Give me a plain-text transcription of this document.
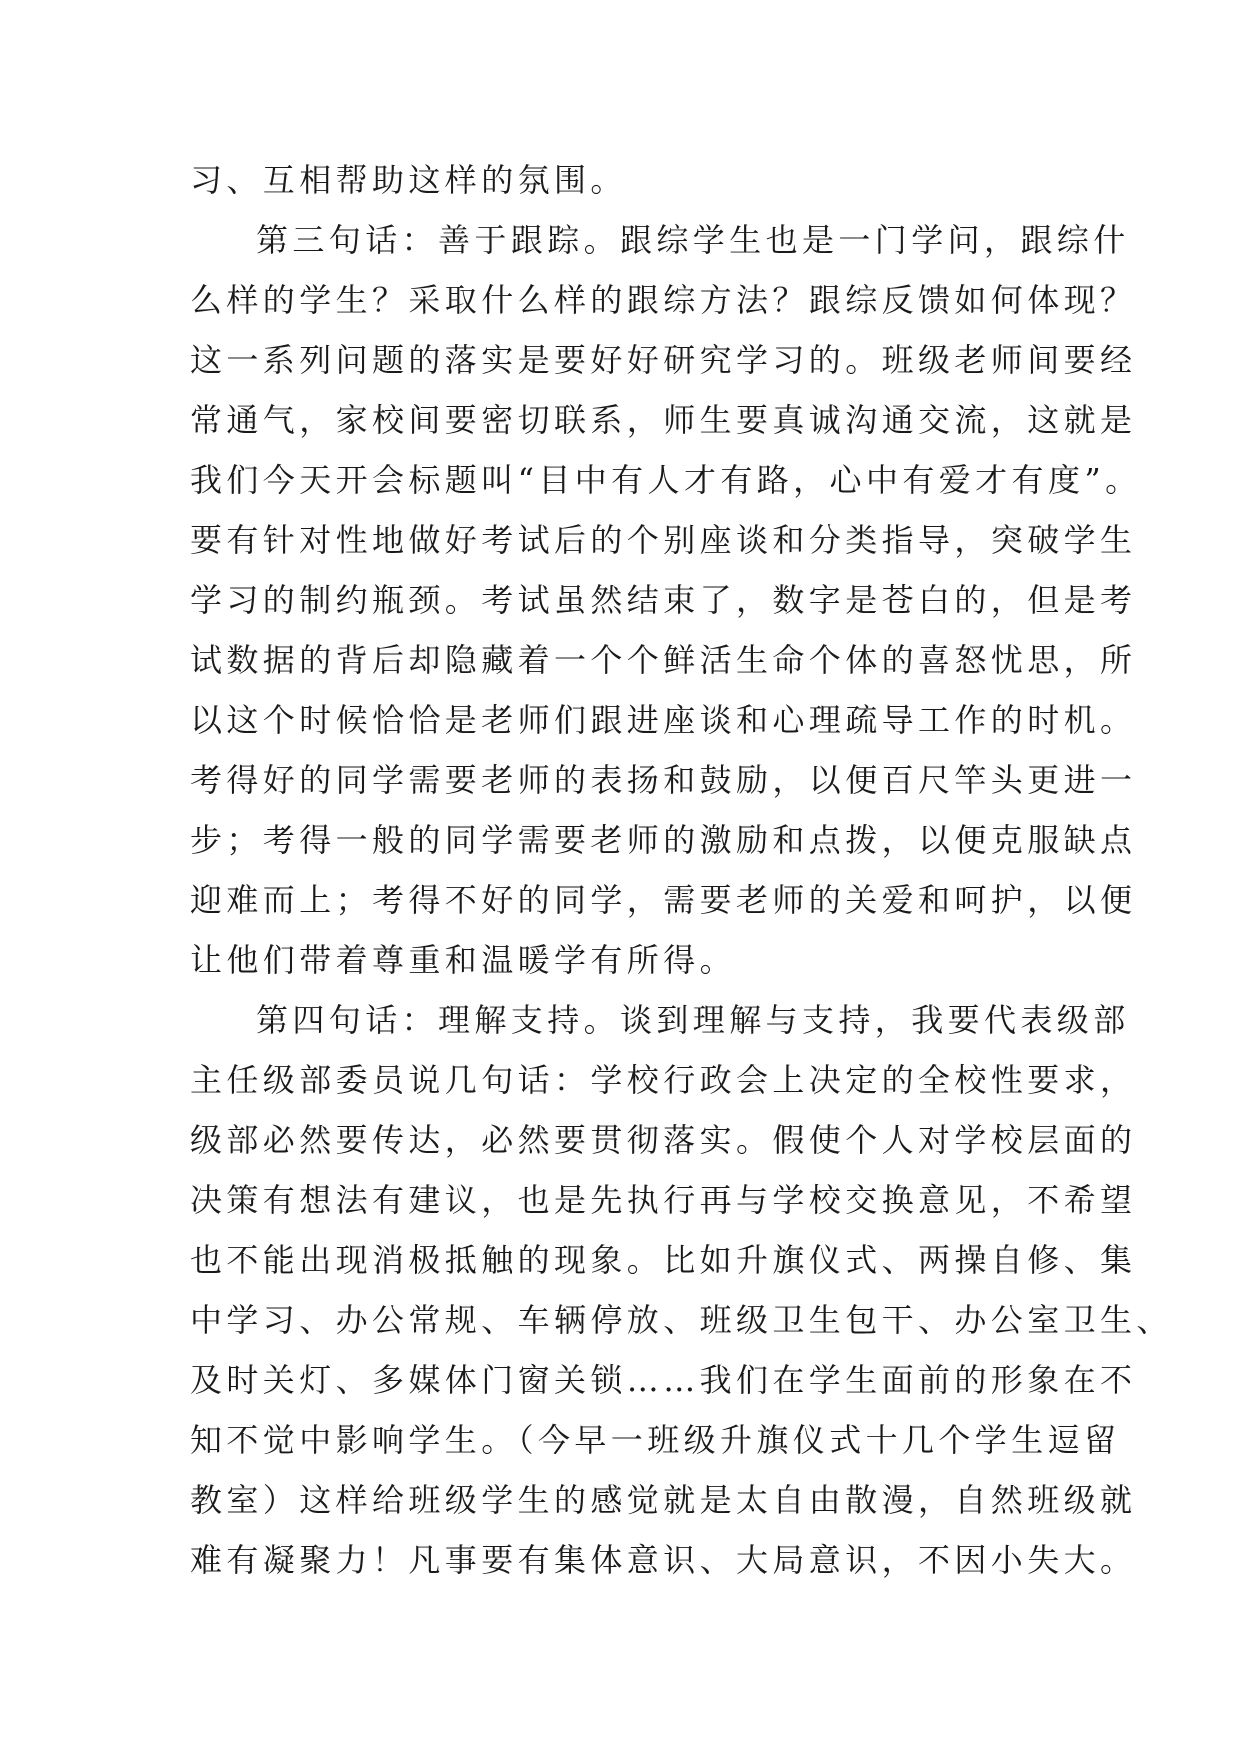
习、互相帮助这样的氛围。
第三句话：善于跟踪。跟综学生也是一门学问，跟综什
么样的学生？采取什么样的跟综方法？跟综反馈如何体现？
这一系列问题的落实是要好好研究学习的。班级老师间要经
常通气，家校间要密切联系，师生要真诚沟通交流，这就是
我们今天开会标题叫“目中有人才有路，心中有爱才有度”。
要有针对性地做好考试后的个别座谈和分类指导，突破学生
学习的制约瓶颈。考试虽然结束了，数字是苍白的，但是考
试数据的背后却隐藏着一个个鲜活生命个体的喜怒忧思，所
以这个时候恰恰是老师们跟进座谈和心理疏导工作的时机。
考得好的同学需要老师的表扬和鼓励，以便百尺竿头更进一
步；考得一般的同学需要老师的激励和点拨，以便克服缺点
迎难而上；考得不好的同学，需要老师的关爱和呵护，以便
让他们带着尊重和温暖学有所得。
第四句话：理解支持。谈到理解与支持，我要代表级部
主任级部委员说几句话：学校行政会上决定的全校性要求，
级部必然要传达，必然要贯彻落实。假使个人对学校层面的
决策有想法有建议，也是先执行再与学校交换意见，不希望
也不能出现消极抵触的现象。比如升旗仪式、两操自修、集
中学习、办公常规、车辆停放、班级卫生包干、办公室卫生、
及时关灯、多媒体门窗关锁……我们在学生面前的形象在不
知不觉中影响学生。（今早一班级升旗仪式十几个学生逗留
教室）这样给班级学生的感觉就是太自由散漫，自然班级就
难有凝聚力！凡事要有集体意识、大局意识，不因小失大。
